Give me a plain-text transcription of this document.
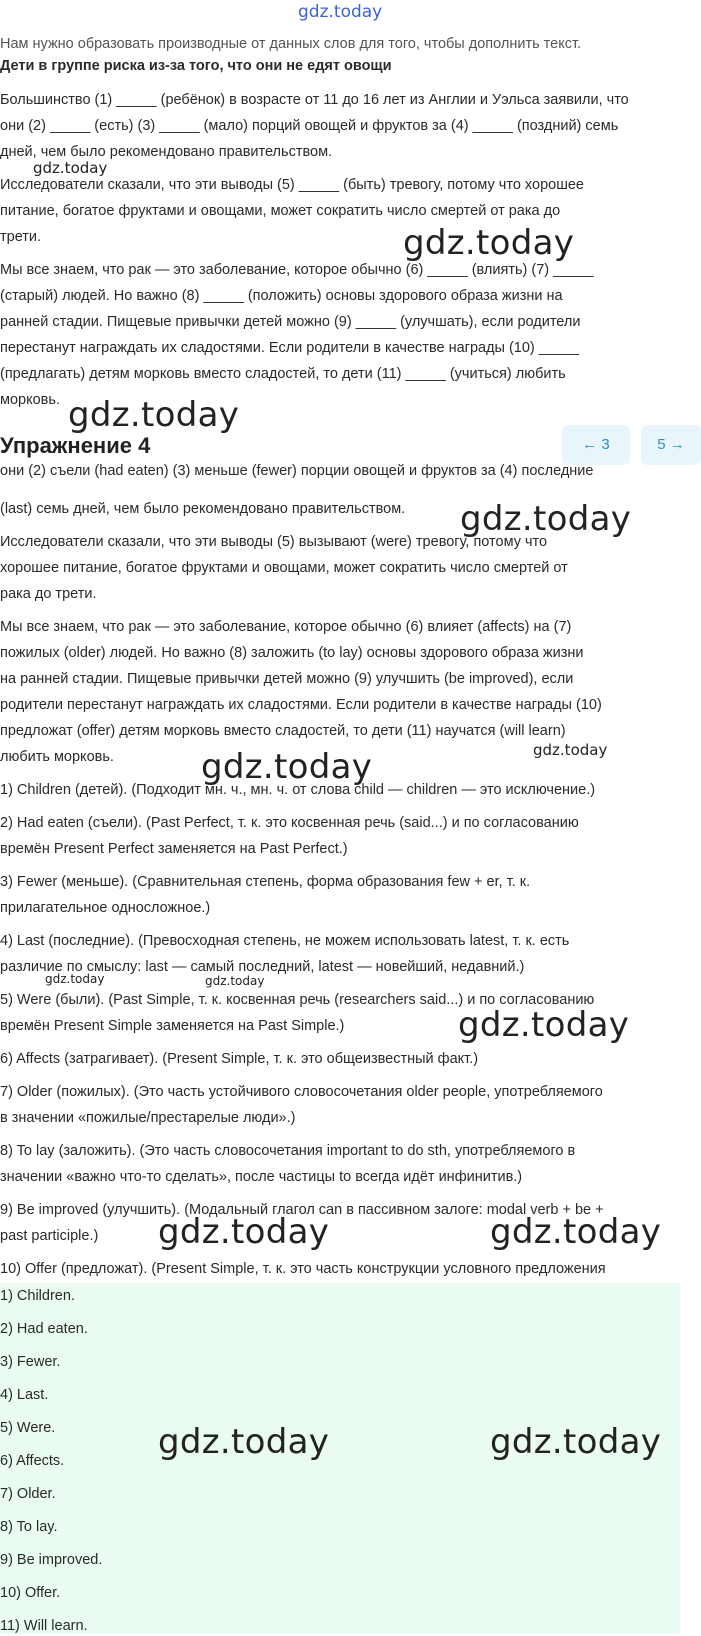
gdz.today
Нам нужно образовать производные от данных слов для того, чтобы дополнить текст.
Дети в группе риска из-за того, что они не едят овощи
Большинство (1) _____ (ребёнок) в возрасте от 11 до 16 лет из Англии и Уэльса заявили, что
они (2) _____ (есть) (3) _____ (мало) порций овощей и фруктов за (4) _____ (поздний) семь
дней, чем было рекомендовано правительством.
Исследователи сказали, что эти выводы (5) _____ (быть) тревогу, потому что хорошее
питание, богатое фруктами и овощами, может сократить число смертей от рака до
трети.
Мы все знаем, что рак — это заболевание, которое обычно (6) _____ (влиять) (7) _____
(старый) людей. Но важно (8) _____ (положить) основы здорового образа жизни на
ранней стадии. Пищевые привычки детей можно (9) _____ (улучшать), если родители
перестанут награждать их сладостями. Если родители в качестве награды (10) _____
(предлагать) детям морковь вместо сладостей, то дети (11) _____ (учиться) любить
морковь.
gdz.today
gdz.today
gdz.today
Упражнение 4	← 3	5 →
они (2) съели (had eaten) (3) меньше (fewer) порции овощей и фруктов за (4) последние
(last) семь дней, чем было рекомендовано правительством.
Исследователи сказали, что эти выводы (5) вызывают (were) тревогу, потому что
хорошее питание, богатое фруктами и овощами, может сократить число смертей от
рака до трети.
Мы все знаем, что рак — это заболевание, которое обычно (6) влияет (affects) на (7)
пожилых (older) людей. Но важно (8) заложить (to lay) основы здорового образа жизни
на ранней стадии. Пищевые привычки детей можно (9) улучшить (be improved), если
родители перестанут награждать их сладостями. Если родители в качестве награды (10)
предложат (offer) детям морковь вместо сладостей, то дети (11) научатся (will learn)
любить морковь.
gdz.today
gdz.today	gdz.today
1) Children (детей). (Подходит мн. ч., мн. ч. от слова child — children — это исключение.)
2) Had eaten (съели). (Past Perfect, т. к. это косвенная речь (said...) и по согласованию
времён Present Perfect заменяется на Past Perfect.)
3) Fewer (меньше). (Сравнительная степень, форма образования few + er, т. к.
прилагательное односложное.)
4) Last (последние). (Превосходная степень, не можем использовать latest, т. к. есть
различие по смыслу: last — самый последний, latest — новейший, недавний.)
5) Were (были). (Past Simple, т. к. косвенная речь (researchers said...) и по согласованию
времён Present Simple заменяется на Past Simple.)
6) Affects (затрагивает). (Present Simple, т. к. это общеизвестный факт.)
7) Older (пожилых). (Это часть устойчивого словосочетания older people, употребляемого
в значении «пожилые/престарелые люди».)
8) To lay (заложить). (Это часть словосочетания important to do sth, употребляемого в
значении «важно что-то сделать», после частицы to всегда идёт инфинитив.)
9) Be improved (улучшить). (Модальный глагол can в пассивном залоге: modal verb + be +
past participle.)
10) Offer (предложат). (Present Simple, т. к. это часть конструкции условного предложения
gdz.today	gdz.today
gdz.today
gdz.today	gdz.today
1) Children.
2) Had eaten.
3) Fewer.
4) Last.
5) Were.
6) Affects.
7) Older.
8) To lay.
9) Be improved.
10) Offer.
11) Will learn.
gdz.today	gdz.today
